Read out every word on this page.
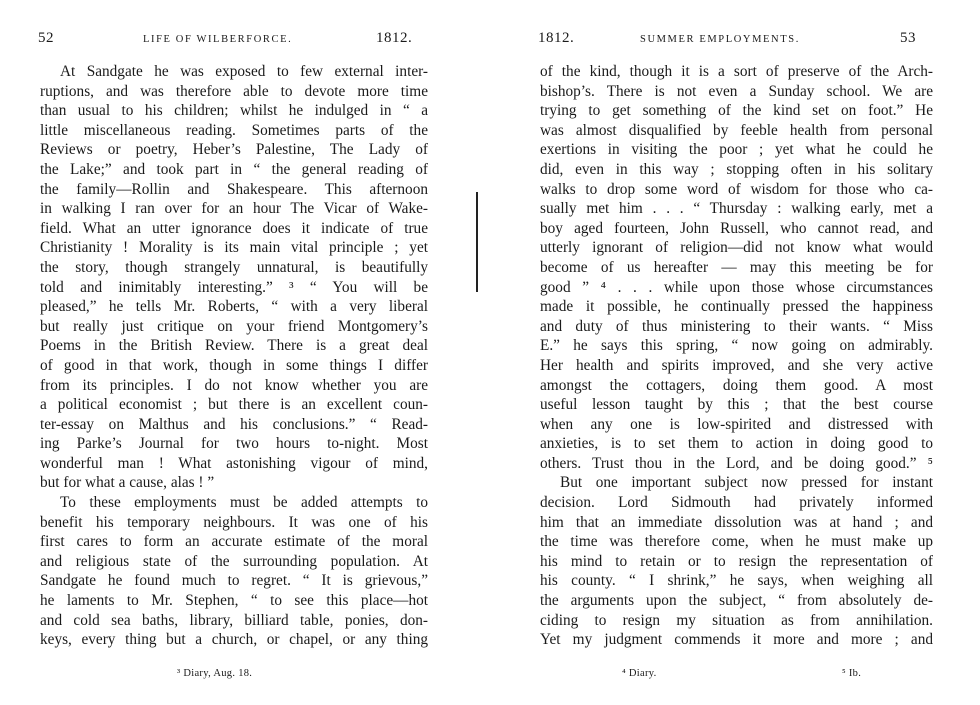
52	LIFE OF WILBERFORCE.	1812.
At Sandgate he was exposed to few external inter-
ruptions, and was therefore able to devote more time
than usual to his children; whilst he indulged in “ a
little miscellaneous reading. Sometimes parts of the
Reviews or poetry, Heber’s Palestine, The Lady of
the Lake;” and took part in “ the general reading of
the family—Rollin and Shakespeare. This afternoon
in walking I ran over for an hour The Vicar of Wake-
field. What an utter ignorance does it indicate of true
Christianity ! Morality is its main vital principle ; yet
the story, though strangely unnatural, is beautifully
told and inimitably interesting.” ³ “ You will be
pleased,” he tells Mr. Roberts, “ with a very liberal
but really just critique on your friend Montgomery’s
Poems in the British Review. There is a great deal
of good in that work, though in some things I differ
from its principles. I do not know whether you are
a political economist ; but there is an excellent coun-
ter-essay on Malthus and his conclusions.” “ Read-
ing Parke’s Journal for two hours to-night. Most
wonderful man ! What astonishing vigour of mind,
but for what a cause, alas ! ”
To these employments must be added attempts to
benefit his temporary neighbours. It was one of his
first cares to form an accurate estimate of the moral
and religious state of the surrounding population. At
Sandgate he found much to regret. “ It is grievous,”
he laments to Mr. Stephen, “ to see this place—hot
and cold sea baths, library, billiard table, ponies, don-
keys, every thing but a church, or chapel, or any thing
³ Diary, Aug. 18.
1812.	SUMMER EMPLOYMENTS.	53
of the kind, though it is a sort of preserve of the Arch-
bishop’s. There is not even a Sunday school. We are
trying to get something of the kind set on foot.” He
was almost disqualified by feeble health from personal
exertions in visiting the poor ; yet what he could he
did, even in this way ; stopping often in his solitary
walks to drop some word of wisdom for those who ca-
sually met him . . . “ Thursday : walking early, met a
boy aged fourteen, John Russell, who cannot read, and
utterly ignorant of religion—did not know what would
become of us hereafter — may this meeting be for
good ” ⁴ . . . while upon those whose circumstances
made it possible, he continually pressed the happiness
and duty of thus ministering to their wants. “ Miss
E.” he says this spring, “ now going on admirably.
Her health and spirits improved, and she very active
amongst the cottagers, doing them good. A most
useful lesson taught by this ; that the best course
when any one is low-spirited and distressed with
anxieties, is to set them to action in doing good to
others. Trust thou in the Lord, and be doing good.” ⁵
But one important subject now pressed for instant
decision. Lord Sidmouth had privately informed
him that an immediate dissolution was at hand ; and
the time was therefore come, when he must make up
his mind to retain or to resign the representation of
his county. “ I shrink,” he says, when weighing all
the arguments upon the subject, “ from absolutely de-
ciding to resign my situation as from annihilation.
Yet my judgment commends it more and more ; and
⁴ Diary.	⁵ Ib.
